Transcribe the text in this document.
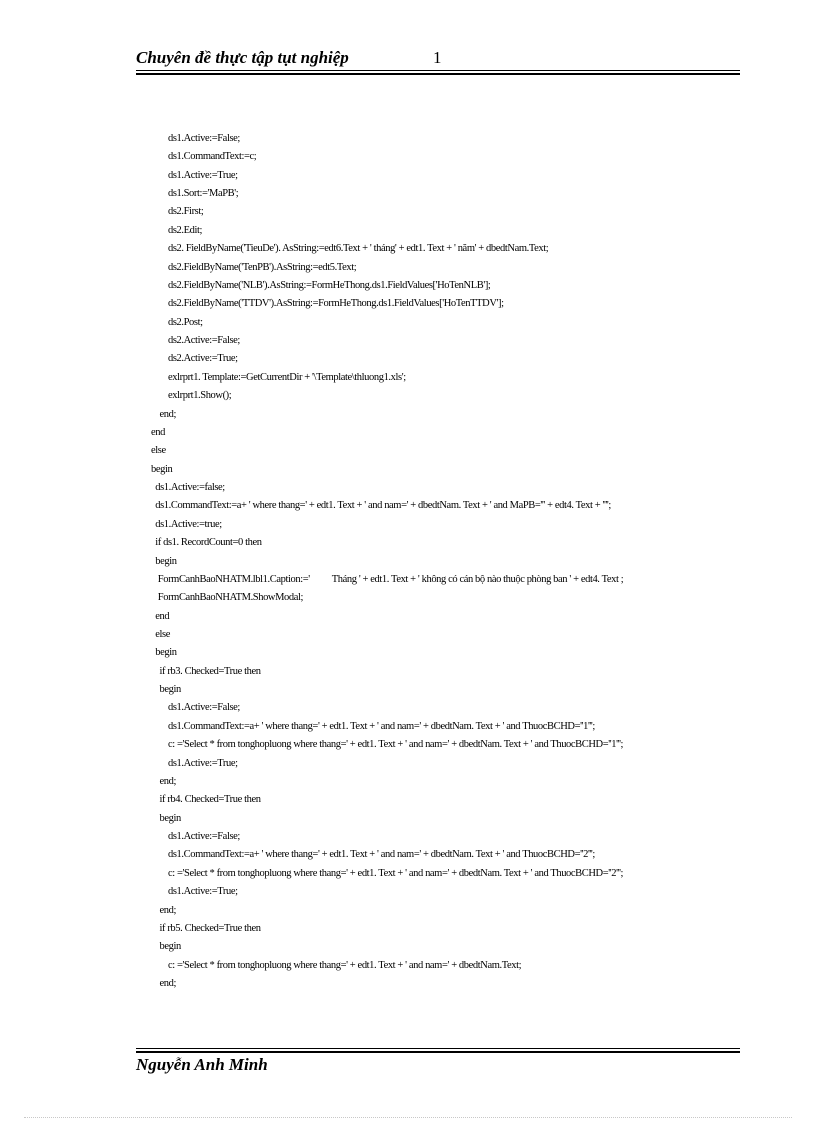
Chuyên đề thực tập tụt nghiệp	1
ds1.Active:=False;
ds1.CommandText:=c;
ds1.Active:=True;
ds1.Sort:='MaPB';
ds2.First;
ds2.Edit;
ds2. FieldByName('TieuDe'). AsString:=edt6.Text + ' tháng' + edt1. Text + ' năm' + dbedtNam.Text;
ds2.FieldByName('TenPB').AsString:=edt5.Text;
ds2.FieldByName('NLB').AsString:=FormHeThong.ds1.FieldValues['HoTenNLB'];
ds2.FieldByName('TTDV').AsString:=FormHeThong.ds1.FieldValues['HoTenTTDV'];
ds2.Post;
ds2.Active:=False;
ds2.Active:=True;
exlrprt1. Template:=GetCurrentDir + '\Template\thluong1.xls';
exlrprt1.Show();
end;
end
else
begin
ds1.Active:=false;
ds1.CommandText:=a+ ' where thang=' + edt1. Text + ' and nam=' + dbedtNam. Text + ' and MaPB=''' + edt4. Text + '''';
ds1.Active:=true;
if ds1. RecordCount=0 then
begin
FormCanhBaoNHATM.lbl1.Caption:='          Tháng ' + edt1. Text + ' không có cán bộ nào thuộc phòng ban ' + edt4. Text ;
FormCanhBaoNHATM.ShowModal;
end
else
begin
if rb3. Checked=True then
begin
ds1.Active:=False;
ds1.CommandText:=a+ ' where thang=' + edt1. Text + ' and nam=' + dbedtNam. Text + ' and ThuocBCHD=''1''';
c: ='Select * from tonghopluong where thang=' + edt1. Text + ' and nam=' + dbedtNam. Text + ' and ThuocBCHD=''1''';
ds1.Active:=True;
end;
if rb4. Checked=True then
begin
ds1.Active:=False;
ds1.CommandText:=a+ ' where thang=' + edt1. Text + ' and nam=' + dbedtNam. Text + ' and ThuocBCHD=''2''';
c: ='Select * from tonghopluong where thang=' + edt1. Text + ' and nam=' + dbedtNam. Text + ' and ThuocBCHD=''2''';
ds1.Active:=True;
end;
if rb5. Checked=True then
begin
c: ='Select * from tonghopluong where thang=' + edt1. Text + ' and nam=' + dbedtNam.Text;
end;
Nguyễn Anh Minh
